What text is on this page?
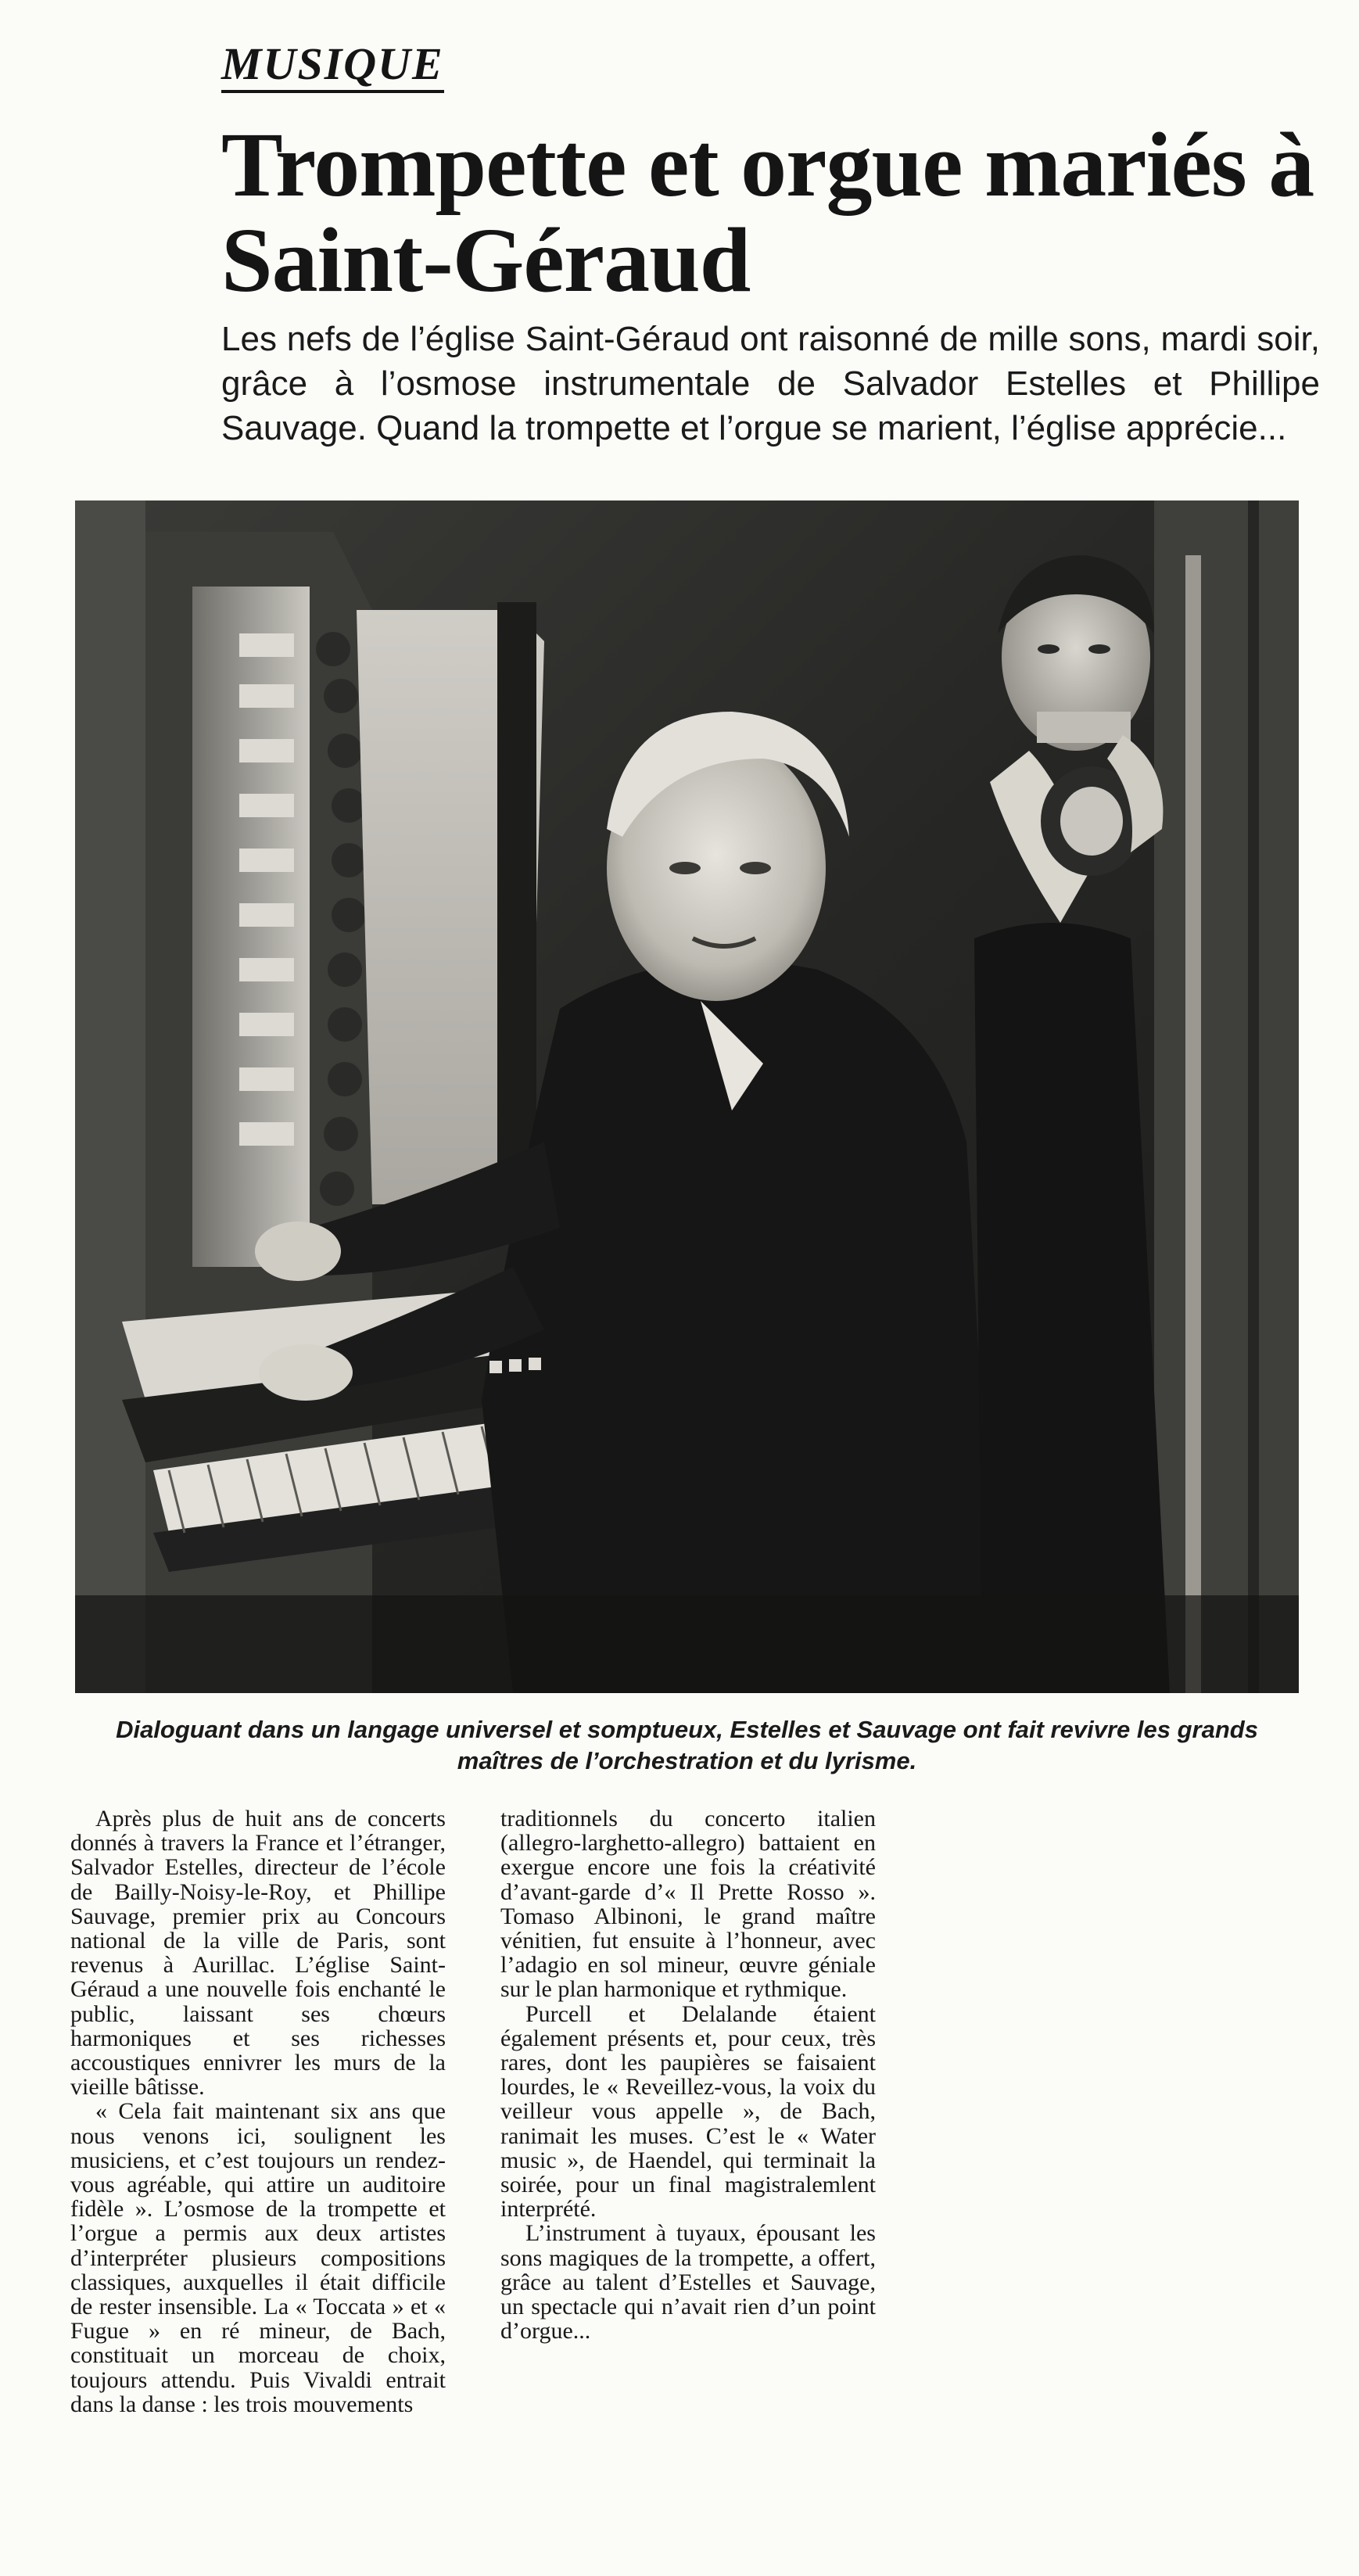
MUSIQUE
Trompette et orgue mariés à Saint-Géraud

Les nefs de l’église Saint-Géraud ont raisonné de mille sons, mardi soir, grâce à l’osmose instrumentale de Salvador Estelles et Phillipe Sauvage. Quand la trompette et l’orgue se marient, l’église apprécie...

Dialoguant dans un langage universel et somptueux, Estelles et Sauvage ont fait revivre les grands maîtres de l’orchestration et du lyrisme.

Après plus de huit ans de concerts donnés à travers la France et l’étranger, Salvador Estelles, directeur de l’école de Bailly-Noisy-le-Roy, et Phillipe Sauvage, premier prix au Concours national de la ville de Paris, sont revenus à Aurillac. L’église Saint-Géraud a une nouvelle fois enchanté le public, laissant ses chœurs harmoniques et ses richesses accoustiques ennivrer les murs de la vieille bâtisse.

« Cela fait maintenant six ans que nous venons ici, soulignent les musiciens, et c’est toujours un rendez-vous agréable, qui attire un auditoire fidèle ». L’osmose de la trompette et l’orgue a permis aux deux artistes d’interpréter plusieurs compositions classiques, auxquelles il était difficile de rester insensible. La « Toccata » et « Fugue » en ré mineur, de Bach, constituait un morceau de choix, toujours attendu. Puis Vivaldi entrait dans la danse : les trois mouvements

traditionnels du concerto italien (allegro-larghetto-allegro) battaient en exergue encore une fois la créativité d’avant-garde d’« Il Prette Rosso ». Tomaso Albinoni, le grand maître vénitien, fut ensuite à l’honneur, avec l’adagio en sol mineur, œuvre géniale sur le plan harmonique et rythmique.

Purcell et Delalande étaient également présents et, pour ceux, très rares, dont les paupières se faisaient lourdes, le « Reveillez-vous, la voix du veilleur vous appelle », de Bach, ranimait les muses. C’est le « Water music », de Haendel, qui terminait la soirée, pour un final magistralemlent interprété.

L’instrument à tuyaux, épousant les sons magiques de la trompette, a offert, grâce au talent d’Estelles et Sauvage, un spectacle qui n’avait rien d’un point d’orgue...
